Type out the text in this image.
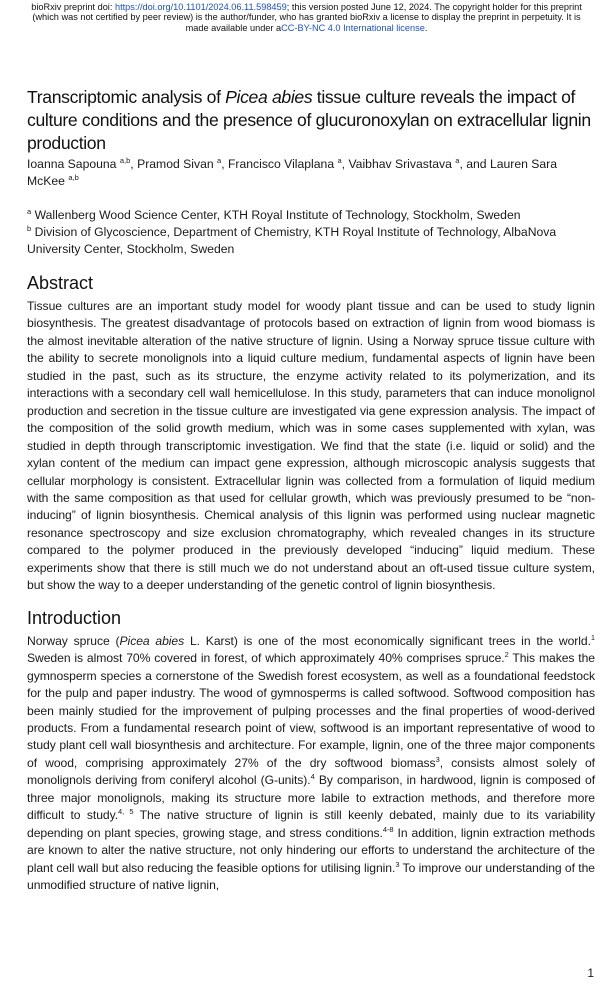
bioRxiv preprint doi: https://doi.org/10.1101/2024.06.11.598459; this version posted June 12, 2024. The copyright holder for this preprint
(which was not certified by peer review) is the author/funder, who has granted bioRxiv a license to display the preprint in perpetuity. It is
made available under aCC-BY-NC 4.0 International license.
Transcriptomic analysis of Picea abies tissue culture reveals the impact of culture conditions and the presence of glucuronoxylan on extracellular lignin production
Ioanna Sapouna $^{a,b}$, Pramod Sivan $^a$, Francisco Vilaplana $^a$, Vaibhav Srivastava $^a$, and Lauren Sara McKee $^{a,b}$
$^a$ Wallenberg Wood Science Center, KTH Royal Institute of Technology, Stockholm, Sweden
$^b$ Division of Glycoscience, Department of Chemistry, KTH Royal Institute of Technology, AlbaNova University Center, Stockholm, Sweden
Abstract

Tissue cultures are an important study model for woody plant tissue and can be used to study lignin biosynthesis. The greatest disadvantage of protocols based on extraction of lignin from wood biomass is the almost inevitable alteration of the native structure of lignin. Using a Norway spruce tissue culture with the ability to secrete monolignols into a liquid culture medium, fundamental aspects of lignin have been studied in the past, such as its structure, the enzyme activity related to its polymerization, and its interactions with a secondary cell wall hemicellulose. In this study, parameters that can induce monolignol production and secretion in the tissue culture are investigated via gene expression analysis. The impact of the composition of the solid growth medium, which was in some cases supplemented with xylan, was studied in depth through transcriptomic investigation. We find that the state (i.e. liquid or solid) and the xylan content of the medium can impact gene expression, although microscopic analysis suggests that cellular morphology is consistent. Extracellular lignin was collected from a formulation of liquid medium with the same composition as that used for cellular growth, which was previously presumed to be “non-inducing” of lignin biosynthesis. Chemical analysis of this lignin was performed using nuclear magnetic resonance spectroscopy and size exclusion chromatography, which revealed changes in its structure compared to the polymer produced in the previously developed “inducing” liquid medium. These experiments show that there is still much we do not understand about an oft-used tissue culture system, but show the way to a deeper understanding of the genetic control of lignin biosynthesis.

Introduction

Norway spruce (Picea abies L. Karst) is one of the most economically significant trees in the world.$^1$ Sweden is almost 70% covered in forest, of which approximately 40% comprises spruce.$^2$ This makes the gymnosperm species a cornerstone of the Swedish forest ecosystem, as well as a foundational feedstock for the pulp and paper industry. The wood of gymnosperms is called softwood. Softwood composition has been mainly studied for the improvement of pulping processes and the final properties of wood-derived products. From a fundamental research point of view, softwood is an important representative of wood to study plant cell wall biosynthesis and architecture. For example, lignin, one of the three major components of wood, comprising approximately 27% of the dry softwood biomass$^3$, consists almost solely of monolignols deriving from coniferyl alcohol (G-units).$^4$ By comparison, in hardwood, lignin is composed of three major monolignols, making its structure more labile to extraction methods, and therefore more difficult to study.$^{4, 5}$ The native structure of lignin is still keenly debated, mainly due to its variability depending on plant species, growing stage, and stress conditions.$^{4-8}$ In addition, lignin extraction methods are known to alter the native structure, not only hindering our efforts to understand the architecture of the plant cell wall but also reducing the feasible options for utilising lignin.$^3$ To improve our understanding of the unmodified structure of native lignin,

1
